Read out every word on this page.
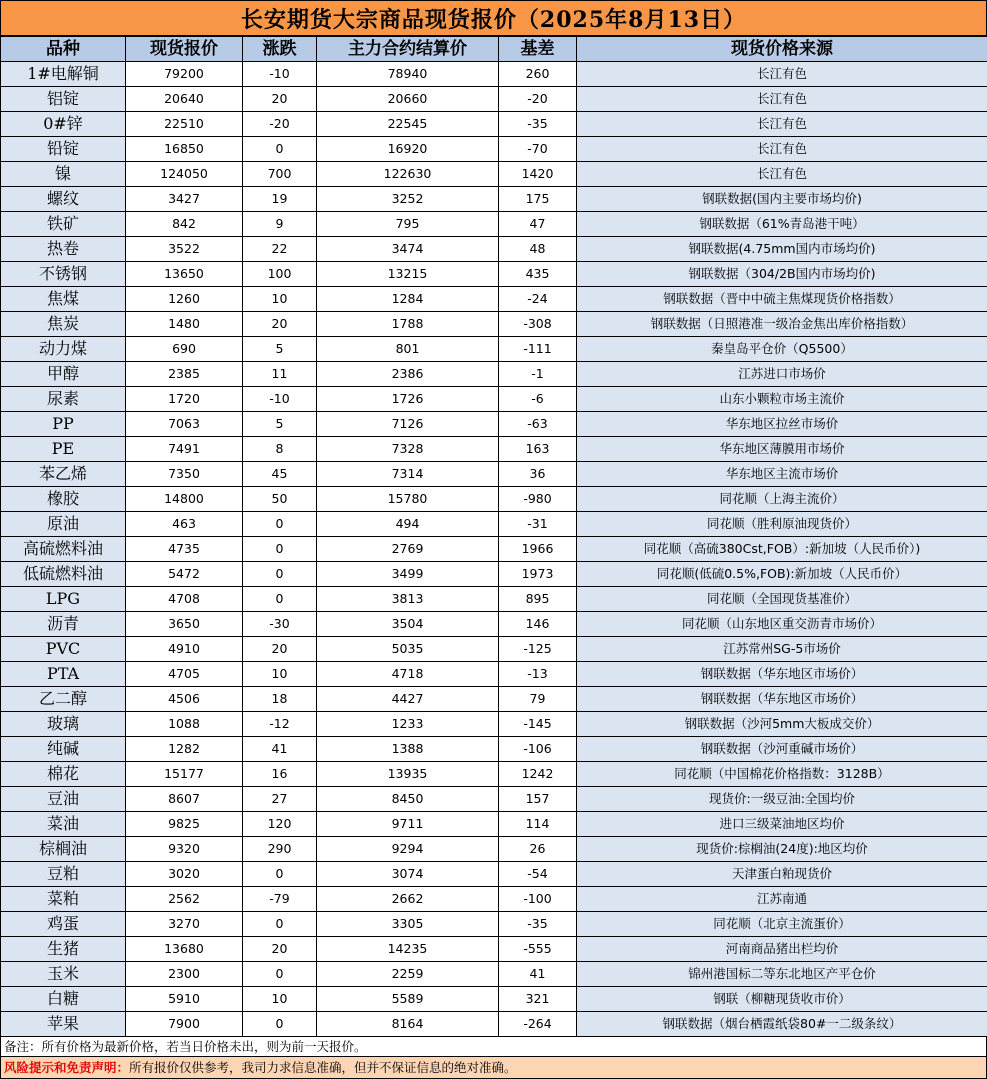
长安期货大宗商品现货报价（2025年8月13日）
品种	现货报价	涨跌	主力合约结算价	基差	现货价格来源
1#电解铜	79200	-10	78940	260	长江有色
铝锭	20640	20	20660	-20	长江有色
0#锌	22510	-20	22545	-35	长江有色
铅锭	16850	0	16920	-70	长江有色
镍	124050	700	122630	1420	长江有色
螺纹	3427	19	3252	175	钢联数据(国内主要市场均价)
铁矿	842	9	795	47	钢联数据（61%青岛港干吨）
热卷	3522	22	3474	48	钢联数据(4.75mm国内市场均价)
不锈钢	13650	100	13215	435	钢联数据（304/2B国内市场均价)
焦煤	1260	10	1284	-24	钢联数据（晋中中硫主焦煤现货价格指数）
焦炭	1480	20	1788	-308	钢联数据（日照港准一级冶金焦出库价格指数）
动力煤	690	5	801	-111	秦皇岛平仓价（Q5500）
甲醇	2385	11	2386	-1	江苏进口市场价
尿素	1720	-10	1726	-6	山东小颗粒市场主流价
PP	7063	5	7126	-63	华东地区拉丝市场价
PE	7491	8	7328	163	华东地区薄膜用市场价
苯乙烯	7350	45	7314	36	华东地区主流市场价
橡胶	14800	50	15780	-980	同花顺（上海主流价）
原油	463	0	494	-31	同花顺（胜利原油现货价）
高硫燃料油	4735	0	2769	1966	同花顺（高硫380Cst,FOB）:新加坡（人民币价）)
低硫燃料油	5472	0	3499	1973	同花顺(低硫0.5%,FOB):新加坡（人民币价）
LPG	4708	0	3813	895	同花顺（全国现货基准价）
沥青	3650	-30	3504	146	同花顺（山东地区重交沥青市场价）
PVC	4910	20	5035	-125	江苏常州SG-5市场价
PTA	4705	10	4718	-13	钢联数据（华东地区市场价）
乙二醇	4506	18	4427	79	钢联数据（华东地区市场价）
玻璃	1088	-12	1233	-145	钢联数据（沙河5mm大板成交价）
纯碱	1282	41	1388	-106	钢联数据（沙河重碱市场价）
棉花	15177	16	13935	1242	同花顺（中国棉花价格指数：3128B）
豆油	8607	27	8450	157	现货价:一级豆油:全国均价
菜油	9825	120	9711	114	进口三级菜油地区均价
棕榈油	9320	290	9294	26	现货价:棕榈油(24度):地区均价
豆粕	3020	0	3074	-54	天津蛋白粕现货价
菜粕	2562	-79	2662	-100	江苏南通
鸡蛋	3270	0	3305	-35	同花顺（北京主流蛋价）
生猪	13680	20	14235	-555	河南商品猪出栏均价
玉米	2300	0	2259	41	锦州港国标二等东北地区产平仓价
白糖	5910	10	5589	321	钢联（柳糖现货收市价）
苹果	7900	0	8164	-264	钢联数据（烟台栖霞纸袋80#一二级条纹）
备注：所有价格为最新价格，若当日价格未出，则为前一天报价。
风险提示和免责声明：所有报价仅供参考，我司力求信息准确，但并不保证信息的绝对准确。
